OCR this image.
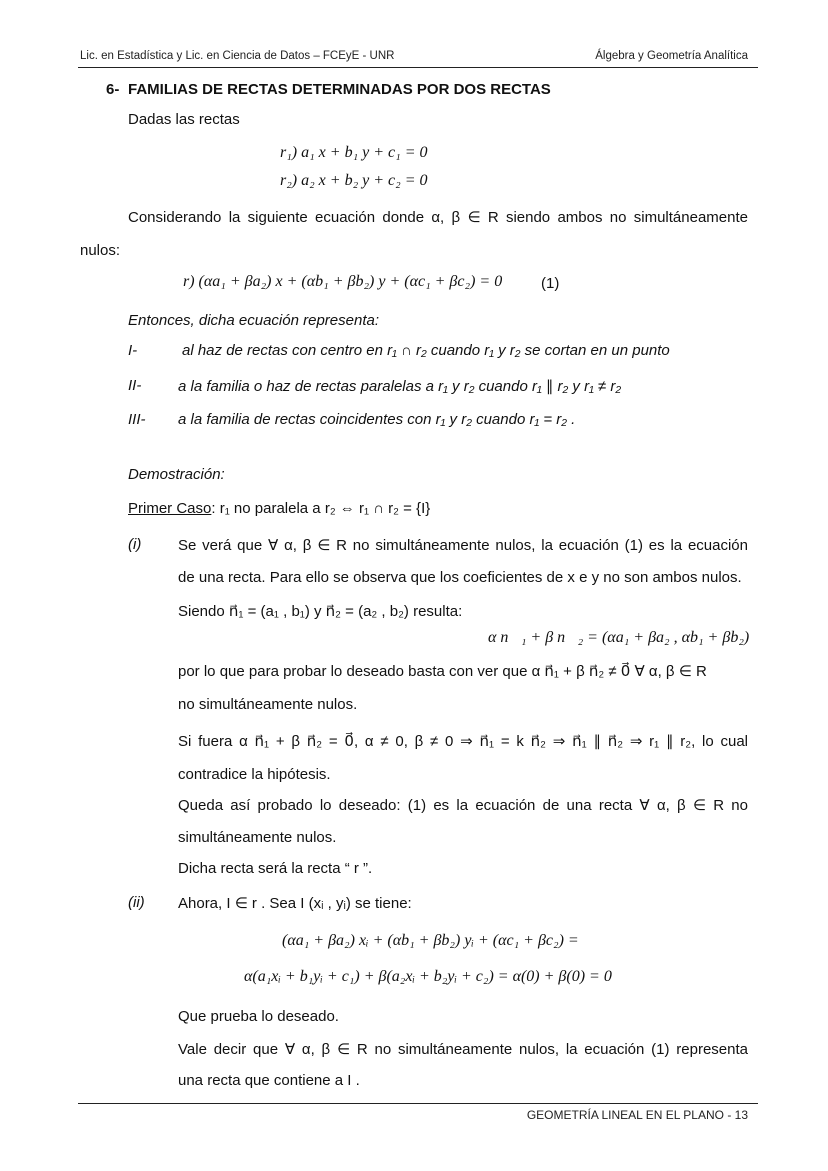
Lic. en Estadística y Lic. en Ciencia de Datos – FCEyE - UNR	Álgebra y Geometría Analítica
6- FAMILIAS DE RECTAS DETERMINADAS POR DOS RECTAS
Dadas las rectas
r₁) a₁ x + b₁ y + c₁ = 0
r₂) a₂ x + b₂ y + c₂ = 0
Considerando la siguiente ecuación donde α, β ∈ R siendo ambos no simultáneamente
nulos:
r) (αa₁ + βa₂) x + (αb₁ + βb₂) y + (αc₁ + βc₂) = 0	(1)
Entonces, dicha ecuación representa:
I-	al haz de rectas con centro en r₁ ∩ r₂ cuando r₁ y r₂ se cortan en un punto
II- a la familia o haz de rectas paralelas a r₁ y r₂ cuando r₁ ∥ r₂ y r₁ ≠ r₂
III- a la familia de rectas coincidentes con r₁ y r₂ cuando r₁ = r₂ .
Demostración:
Primer Caso: r₁ no paralela a r₂ ⇔ r₁ ∩ r₂ = {I}
(i) Se verá que ∀ α, β ∈ R no simultáneamente nulos, la ecuación (1) es la ecuación
de una recta. Para ello se observa que los coeficientes de x e y no son ambos nulos.
Siendo n⃗₁ = (a₁ , b₁) y n⃗₂ = (a₂ , b₂) resulta:
α n⃗₁ + β n⃗₂ = (αa₁ + βa₂ , αb₁ + βb₂)
por lo que para probar lo deseado basta con ver que α n⃗₁ + β n⃗₂ ≠ 0⃗ ∀ α, β ∈ R
no simultáneamente nulos.
Si fuera α n⃗₁ + β n⃗₂ = 0⃗, α ≠ 0, β ≠ 0 ⇒ n⃗₁ = k n⃗₂ ⇒ n⃗₁ ∥ n⃗₂ ⇒ r₁ ∥ r₂, lo cual
contradice la hipótesis.
Queda así probado lo deseado: (1) es la ecuación de una recta ∀ α, β ∈ R no
simultáneamente nulos.
Dicha recta será la recta “ r ”.
(ii) Ahora, I ∈ r . Sea I (xᵢ , yᵢ) se tiene:
(αa₁ + βa₂) xᵢ + (αb₁ + βb₂) yᵢ + (αc₁ + βc₂) =
α(a₁xᵢ + b₁yᵢ + c₁) + β(a₂xᵢ + b₂yᵢ + c₂) = α(0) + β(0) = 0
Que prueba lo deseado.
Vale decir que ∀ α, β ∈ R no simultáneamente nulos, la ecuación (1) representa
una recta que contiene a I .
GEOMETRÍA LINEAL EN EL PLANO - 13
